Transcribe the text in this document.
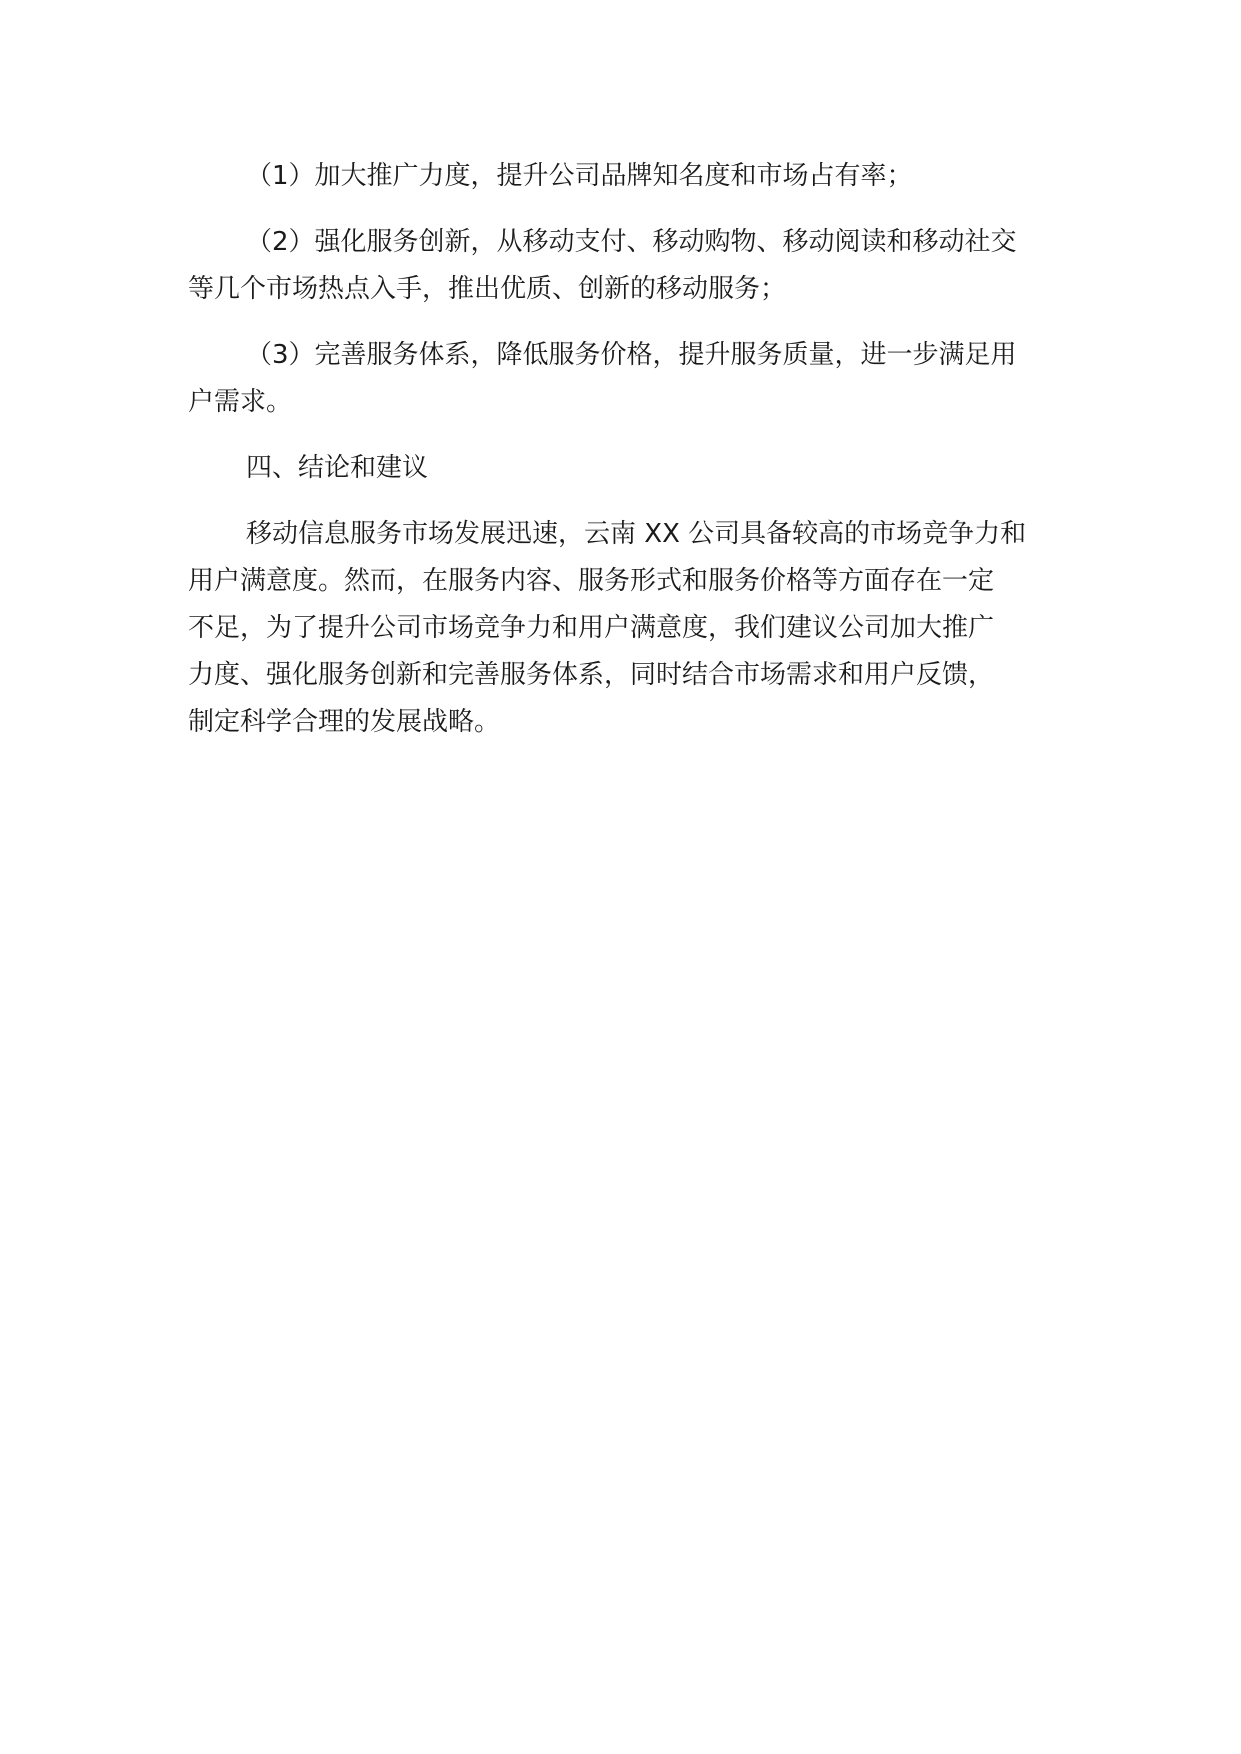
（1）加大推广力度，提升公司品牌知名度和市场占有率；

（2）强化服务创新，从移动支付、移动购物、移动阅读和移动社交

等几个市场热点入手，推出优质、创新的移动服务；

（3）完善服务体系，降低服务价格，提升服务质量，进一步满足用

户需求。

四、结论和建议

移动信息服务市场发展迅速，云南 XX 公司具备较高的市场竞争力和

用户满意度。然而，在服务内容、服务形式和服务价格等方面存在一定

不足，为了提升公司市场竞争力和用户满意度，我们建议公司加大推广

力度、强化服务创新和完善服务体系，同时结合市场需求和用户反馈，

制定科学合理的发展战略。
